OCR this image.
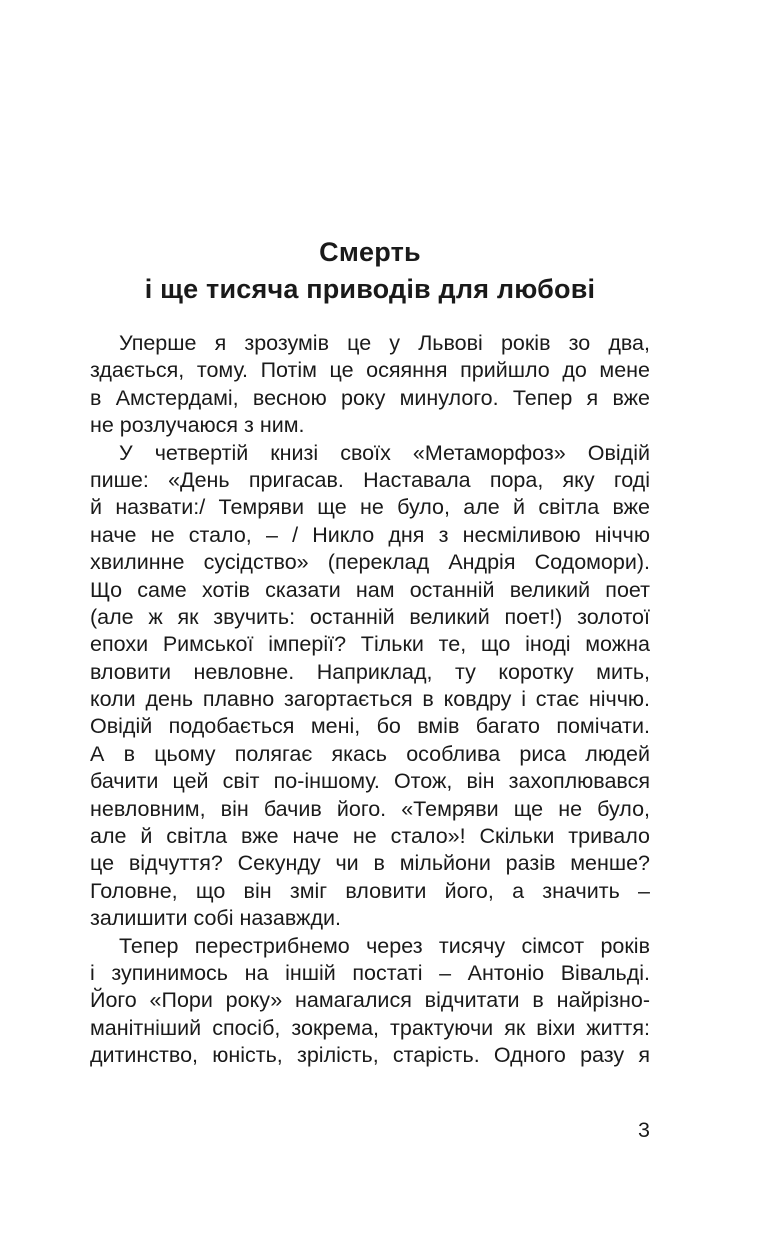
Смерть
і ще тисяча приводів для любові
Уперше я зрозумів це у Львові років зо два,
здається, тому. Потім це осяяння прийшло до мене
в Амстердамі, весною року минулого. Тепер я вже
не розлучаюся з ним.
У четвертій книзі своїх «Метаморфоз» Овідій
пише: «День пригасав. Наставала пора, яку годі
й назвати:/ Темряви ще не було, але й світла вже
наче не стало, – / Никло дня з несміливою ніччю
хвилинне сусідство» (переклад Андрія Содомори).
Що саме хотів сказати нам останній великий поет
(але ж як звучить: останній великий поет!) золотої
епохи Римської імперії? Тільки те, що іноді можна
вловити невловне. Наприклад, ту коротку мить,
коли день плавно загортається в ковдру і стає ніччю.
Овідій подобається мені, бо вмів багато помічати.
А в цьому полягає якась особлива риса людей
бачити цей світ по-іншому. Отож, він захоплювався
невловним, він бачив його. «Темряви ще не було,
але й світла вже наче не стало»! Скільки тривало
це відчуття? Секунду чи в мільйони разів менше?
Головне, що він зміг вловити його, а значить –
залишити собі назавжди.
Тепер перестрибнемо через тисячу сімсот років
і зупинимось на іншій постаті – Антоніо Вівальді.
Його «Пори року» намагалися відчитати в найрізно-
манітніший спосіб, зокрема, трактуючи як віхи життя:
дитинство, юність, зрілість, старість. Одного разу я
3
